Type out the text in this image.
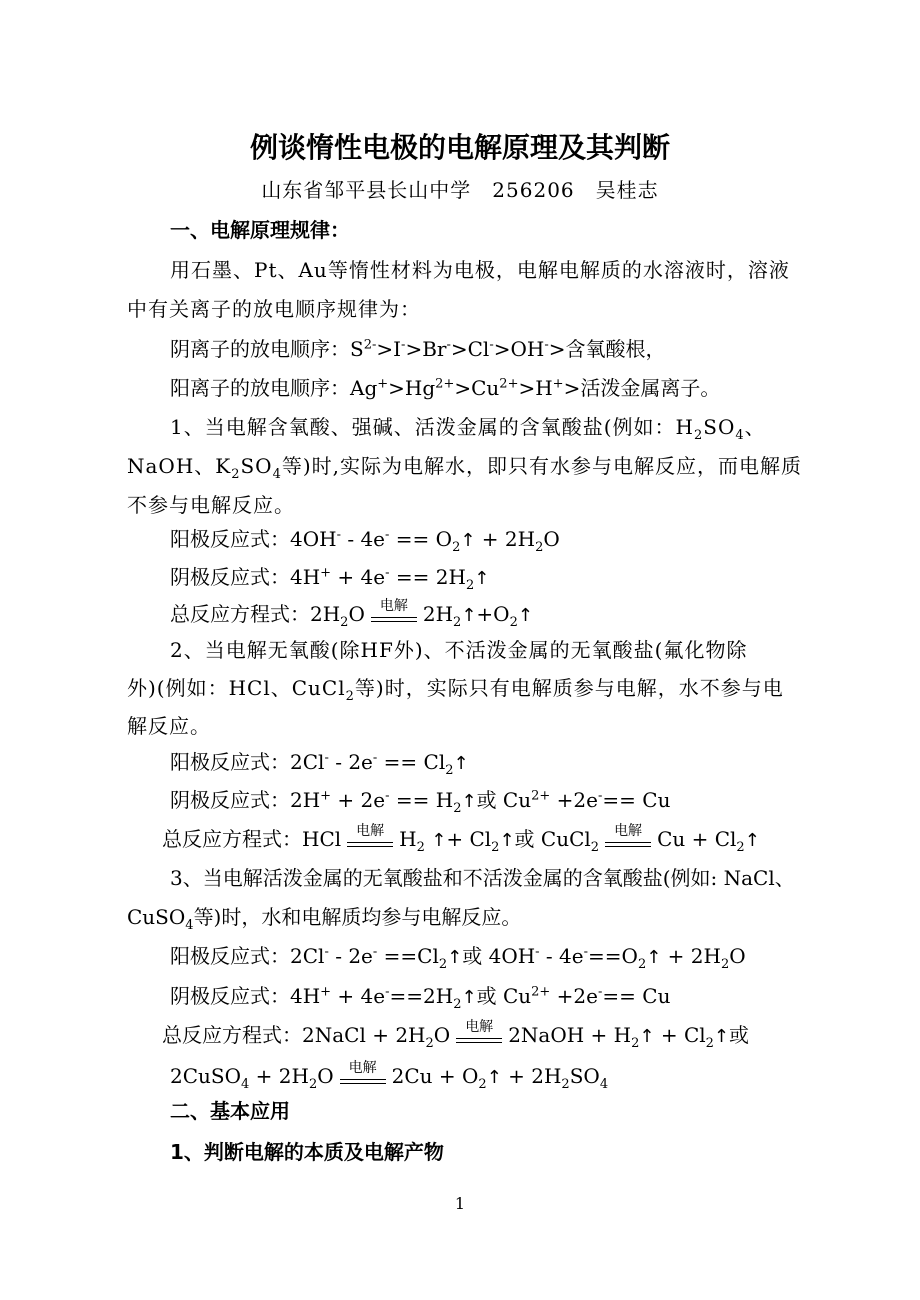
例谈惰性电极的电解原理及其判断
山东省邹平县长山中学　256206　吴桂志
一、电解原理规律：
用石墨、Pt、Au等惰性材料为电极，电解电解质的水溶液时，溶液
中有关离子的放电顺序规律为：
阴离子的放电顺序：$S^{2-}>I^->Br^->Cl^->OH^->$含氧酸根，
阳离子的放电顺序：$Ag^+>Hg^{2+}>Cu^{2+}>H^+>$活泼金属离子。
1、当电解含氧酸、强碱、活泼金属的含氧酸盐(例如：$H_2SO_4$、
NaOH、$K_2SO_4$等)时,实际为电解水，即只有水参与电解反应，而电解质
不参与电解反应。
阳极反应式：$4OH^- - 4e^- == O_2↑ + 2H_2O$
阴极反应式：$4H^+ + 4e^- == 2H_2↑$
总反应方程式：$2H_2O$	电解 $2H_2↑+O_2↑$
2、当电解无氧酸(除HF外)、不活泼金属的无氧酸盐(氟化物除
外)(例如：HCl、CuCl$_2$等)时，实际只有电解质参与电解，水不参与电
解反应。
阳极反应式：$2Cl^- - 2e^- == Cl_2↑$
阴极反应式：$2H^+ + 2e^- == H_2↑$或 $Cu^{2+} +2e^-== Cu$
总反应方程式：HCl	电解 $H_2$ ↑+ $Cl_2↑$或 CuCl$_2$
电解 $Cu + Cl_2↑$
3、当电解活泼金属的无氧酸盐和不活泼金属的含氧酸盐(例如: NaCl、
CuSO$_4$等)时，水和电解质均参与电解反应。
阳极反应式：$2Cl^- - 2e^- ==Cl_2↑$或 $4OH^- - 4e^-==O_2↑ + 2H_2O$
阴极反应式：$4H^+ + 4e^-==2H_2↑$或 $Cu^{2+} +2e^-== Cu$
总反应方程式：2NaCl + $2H_2O$	电解 2NaOH + $H_2↑$ + $Cl_2↑$或
2CuSO$_4$ + $2H_2O$	电解 $2Cu + O_2↑ + 2H_2SO_4$
二、基本应用
1、判断电解的本质及电解产物
1
